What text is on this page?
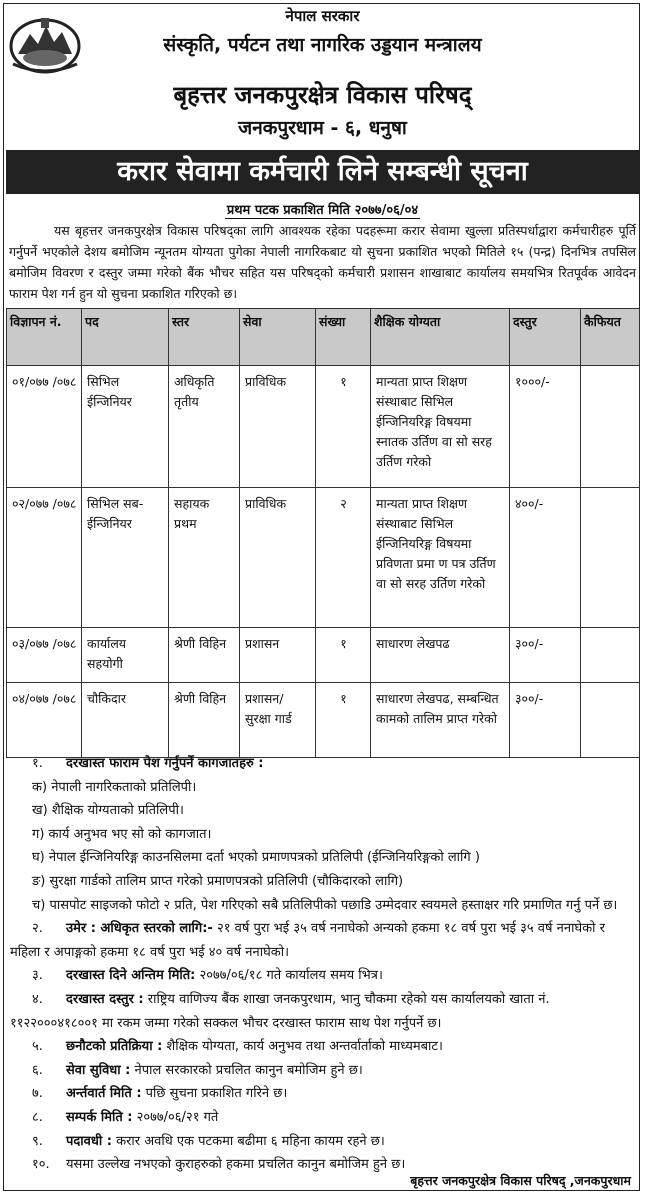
नेपाल सरकार
संस्कृति, पर्यटन तथा नागरिक उड्डयान मन्त्रालय
बृहत्तर जनकपुरक्षेत्र विकास परिषद्
जनकपुरधाम - ६, धनुषा
करार सेवामा कर्मचारी लिने सम्बन्धी सूचना
प्रथम पटक प्रकाशित मिति २०७७/०६/०४
यस बृहत्तर जनकपुरक्षेत्र विकास परिषद्का लागि आवश्यक रहेका पदहरूमा करार सेवामा खुल्ला प्रतिस्पर्धाद्वारा कर्मचारीहरु पूर्ति गर्नुपर्ने भएकोले देशय बमोजिम न्यूनतम योग्यता पुगेका नेपाली नागरिकबाट यो सुचना प्रकाशित भएको मितिले १५ (पन्द्र) दिनभित्र तपसिल बमोजिम विवरण र दस्तुर जम्मा गरेको बैंक भौचर सहित यस परिषद्को कर्मचारी प्रशासन शाखाबाट कार्यालय समयभित्र रितपूर्वक आवेदन फाराम पेश गर्न हुन यो सुचना प्रकाशित गरिएको छ।
विज्ञापन नं.	पद	स्तर	सेवा	संख्या	शैक्षिक योग्यता	दस्तुर	कैफियत
०१/०७७ /०७८	सिभिल ईन्जिनियर	अधिकृति तृतीय	प्राविधिक	१	मान्यता प्राप्त शिक्षण संस्थाबाट सिभिल ईन्जिनियरिङ्ग विषयमा स्नातक उर्तिण वा सो सरह उर्तिण गरेको	१०००/-	
०२/०७७ /०७८	सिभिल सब-ईन्जिनियर	सहायक प्रथम	प्राविधिक	२	मान्यता प्राप्त शिक्षण संस्थाबाट सिभिल ईन्जिनियरिङ्ग विषयमा प्रविणता प्रमा ण पत्र उर्तिण वा सो सरह उर्तिण गरेको	४००/-	
०३/०७७ /०७८	कार्यालय सहयोगी	श्रेणी विहिन	प्रशासन	१	साधारण लेखपढ	३००/-	
०४/०७७ /०७८	चौकिदार	श्रेणी विहिन	प्रशासन/ सुरक्षा गार्ड	१	साधारण लेखपढ, सम्बन्धित कामको तालिम प्राप्त गरेको	३००/-	
१. दरखास्त फाराम पेश गर्नुपर्ने कागजातहरु :
क) नेपाली नागरिकताको प्रतिलिपी।
ख) शैक्षिक योग्यताको प्रतिलिपी।
ग) कार्य अनुभव भए सो को कागजात।
घ) नेपाल ईन्जिनियरिङ्ग काउनसिलमा दर्ता भएको प्रमाणपत्रको प्रतिलिपी (ईन्जिनियरिङ्गको लागि )
ङ) सुरक्षा गार्डको तालिम प्राप्त गरेको प्रमाणपत्रको प्रतिलिपी (चौकिदारको लागि)
च) पासपोट साइजको फोटो २ प्रति, पेश गरिएको सबै प्रतिलिपीको पछाडि उम्मेदवार स्वयमले हस्ताक्षर गरि प्रमाणित गर्नु पर्ने छ।
२. उमेर : अधिकृत स्तरको लागि:- २१ वर्ष पुरा भई ३५ वर्ष ननाघेको अन्यको हकमा १८ वर्ष पुरा भई ३५ वर्ष ननाघेको र महिला र अपाङ्गको हकमा १८ वर्ष पुरा भई ४० वर्ष ननाघेको।
३. दरखास्त दिने अन्तिम मिति: २०७७/०६/१८ गते कार्यालय समय भित्र।
४. दरखास्त दस्तुर : राष्ट्रिय वाणिज्य बैंक शाखा जनकपुरधाम, भानु चौकमा रहेको यस कार्यालयको खाता नं. ११२२०००४१८००१ मा रकम जम्मा गरेको सक्कल भौचर दरखास्त फाराम साथ पेश गर्नुपर्ने छ।
५. छनौटको प्रतिक्रिया : शैक्षिक योग्यता, कार्य अनुभव तथा अन्तर्वार्ताको माध्यमबाट।
६. सेवा सुविधा : नेपाल सरकारको प्रचलित कानुन बमोजिम हुने छ।
७. अर्न्तवार्त मिति : पछि सुचना प्रकाशित गरिने छ।
८. सम्पर्क मिति : २०७७/०६/२१ गते
९. पदावधी : करार अवधि एक पटकमा बढीमा ६ महिना कायम रहने छ।
१०. यसमा उल्लेख नभएको कुराहरुको हकमा प्रचलित कानुन बमोजिम हुने छ।
बृहत्तर जनकपुरक्षेत्र विकास परिषद् ,जनकपुरधाम
